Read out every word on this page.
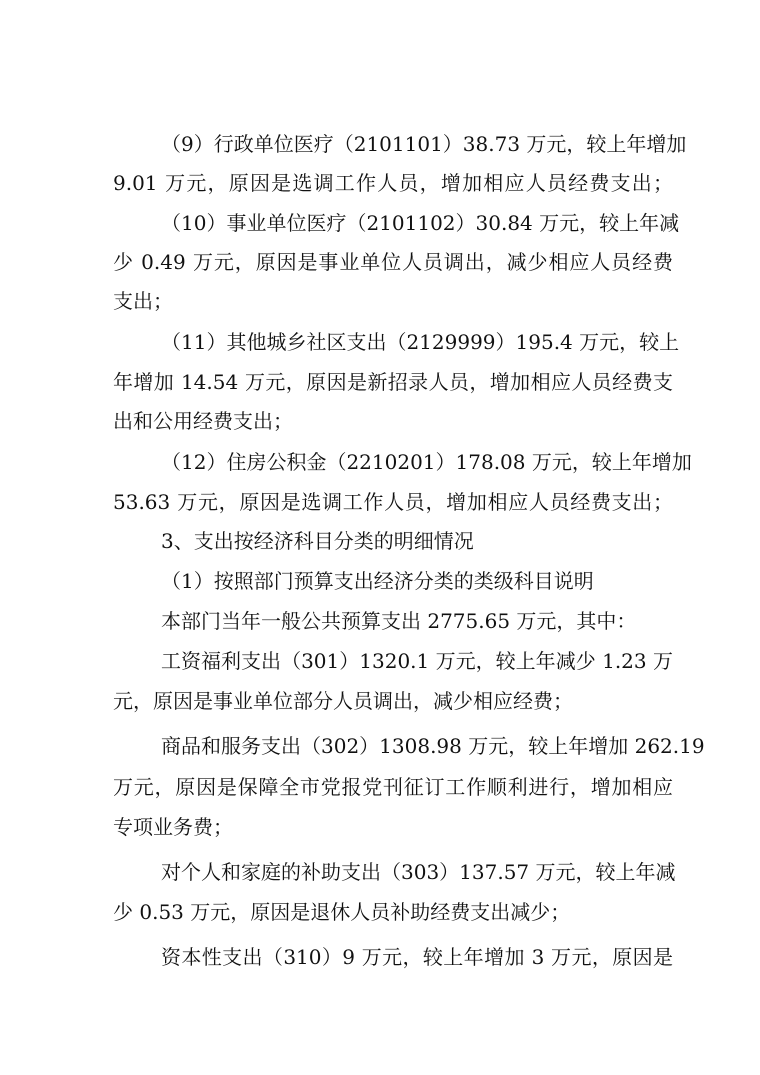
（9）行政单位医疗（2101101）38.73 万元，较上年增加
9.01 万元，原因是选调工作人员，增加相应人员经费支出；
（10）事业单位医疗（2101102）30.84 万元，较上年减
少 0.49 万元，原因是事业单位人员调出，减少相应人员经费
支出；
（11）其他城乡社区支出（2129999）195.4 万元，较上
年增加 14.54 万元，原因是新招录人员，增加相应人员经费支
出和公用经费支出；
（12）住房公积金（2210201）178.08 万元，较上年增加
53.63 万元，原因是选调工作人员，增加相应人员经费支出；
3、支出按经济科目分类的明细情况
（1）按照部门预算支出经济分类的类级科目说明
本部门当年一般公共预算支出 2775.65 万元，其中：
工资福利支出（301）1320.1 万元，较上年减少 1.23 万
元，原因是事业单位部分人员调出，减少相应经费；
商品和服务支出（302）1308.98 万元，较上年增加 262.19
万元，原因是保障全市党报党刊征订工作顺利进行，增加相应
专项业务费；
对个人和家庭的补助支出（303）137.57 万元，较上年减
少 0.53 万元，原因是退休人员补助经费支出减少；
资本性支出（310）9 万元，较上年增加 3 万元，原因是
